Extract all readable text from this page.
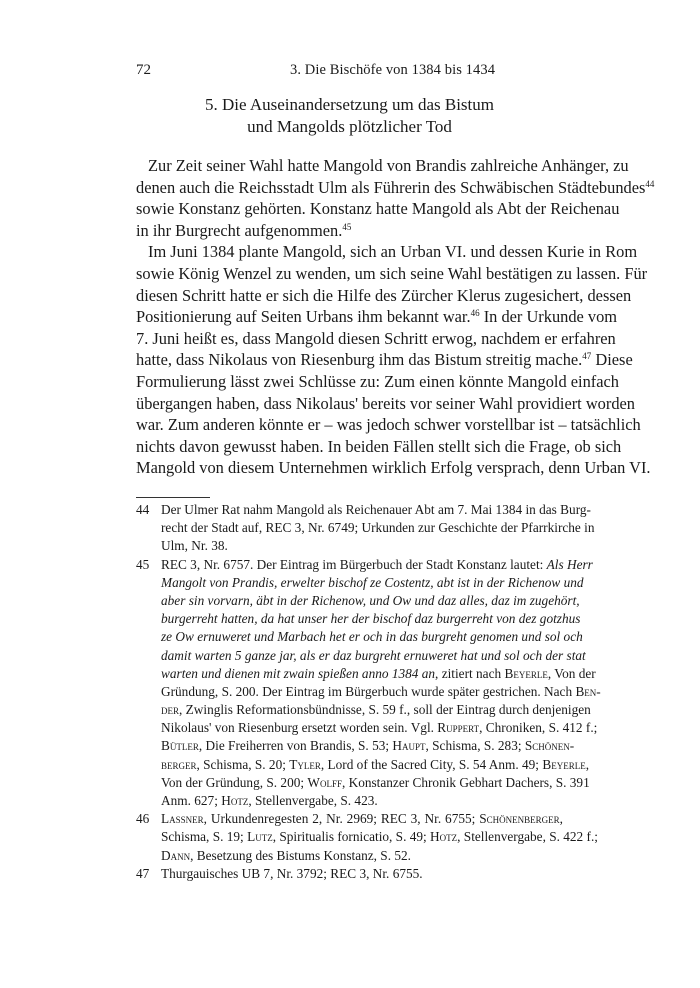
72	3. Die Bischöfe von 1384 bis 1434
5. Die Auseinandersetzung um das Bistum
und Mangolds plötzlicher Tod
Zur Zeit seiner Wahl hatte Mangold von Brandis zahlreiche Anhänger, zu
denen auch die Reichsstadt Ulm als Führerin des Schwäbischen Städtebundes$^{44}$
sowie Konstanz gehörten. Konstanz hatte Mangold als Abt der Reichenau
in ihr Burgrecht aufgenommen.$^{45}$
Im Juni 1384 plante Mangold, sich an Urban VI. und dessen Kurie in Rom
sowie König Wenzel zu wenden, um sich seine Wahl bestätigen zu lassen. Für
diesen Schritt hatte er sich die Hilfe des Zürcher Klerus zugesichert, dessen
Positionierung auf Seiten Urbans ihm bekannt war.$^{46}$ In der Urkunde vom
7. Juni heißt es, dass Mangold diesen Schritt erwog, nachdem er erfahren
hatte, dass Nikolaus von Riesenburg ihm das Bistum streitig mache.$^{47}$ Diese
Formulierung lässt zwei Schlüsse zu: Zum einen könnte Mangold einfach
übergangen haben, dass Nikolaus' bereits vor seiner Wahl providiert worden
war. Zum anderen könnte er – was jedoch schwer vorstellbar ist – tatsächlich
nichts davon gewusst haben. In beiden Fällen stellt sich die Frage, ob sich
Mangold von diesem Unternehmen wirklich Erfolg versprach, denn Urban VI.
44 Der Ulmer Rat nahm Mangold als Reichenauer Abt am 7. Mai 1384 in das Burg-
recht der Stadt auf, REC 3, Nr. 6749; Urkunden zur Geschichte der Pfarrkirche in
Ulm, Nr. 38.
45 REC 3, Nr. 6757. Der Eintrag im Bürgerbuch der Stadt Konstanz lautet: Als Herr
Mangolt von Prandis, erwelter bischof ze Costentz, abt ist in der Richenow und
aber sin vorvarn, äbt in der Richenow, und Ow und daz alles, daz im zugehört,
burgerreht hatten, da hat unser her der bischof daz burgerreht von dez gotzhus
ze Ow ernuweret und Marbach het er och in das burgreht genomen und sol och
damit warten 5 ganze jar, als er daz burgreht ernuweret hat und sol och der stat
warten und dienen mit zwain spießen anno 1384 an, zitiert nach Beyerle, Von der
Gründung, S. 200. Der Eintrag im Bürgerbuch wurde später gestrichen. Nach Ben-
der, Zwinglis Reformationsbündnisse, S. 59 f., soll der Eintrag durch denjenigen
Nikolaus' von Riesenburg ersetzt worden sein. Vgl. Ruppert, Chroniken, S. 412 f.;
Bütler, Die Freiherren von Brandis, S. 53; Haupt, Schisma, S. 283; Schönen-
berger, Schisma, S. 20; Tyler, Lord of the Sacred City, S. 54 Anm. 49; Beyerle,
Von der Gründung, S. 200; Wolff, Konstanzer Chronik Gebhart Dachers, S. 391
Anm. 627; Hotz, Stellenvergabe, S. 423.
46 Lassner, Urkundenregesten 2, Nr. 2969; REC 3, Nr. 6755; Schönenberger,
Schisma, S. 19; Lutz, Spiritualis fornicatio, S. 49; Hotz, Stellenvergabe, S. 422 f.;
Dann, Besetzung des Bistums Konstanz, S. 52.
47 Thurgauisches UB 7, Nr. 3792; REC 3, Nr. 6755.
